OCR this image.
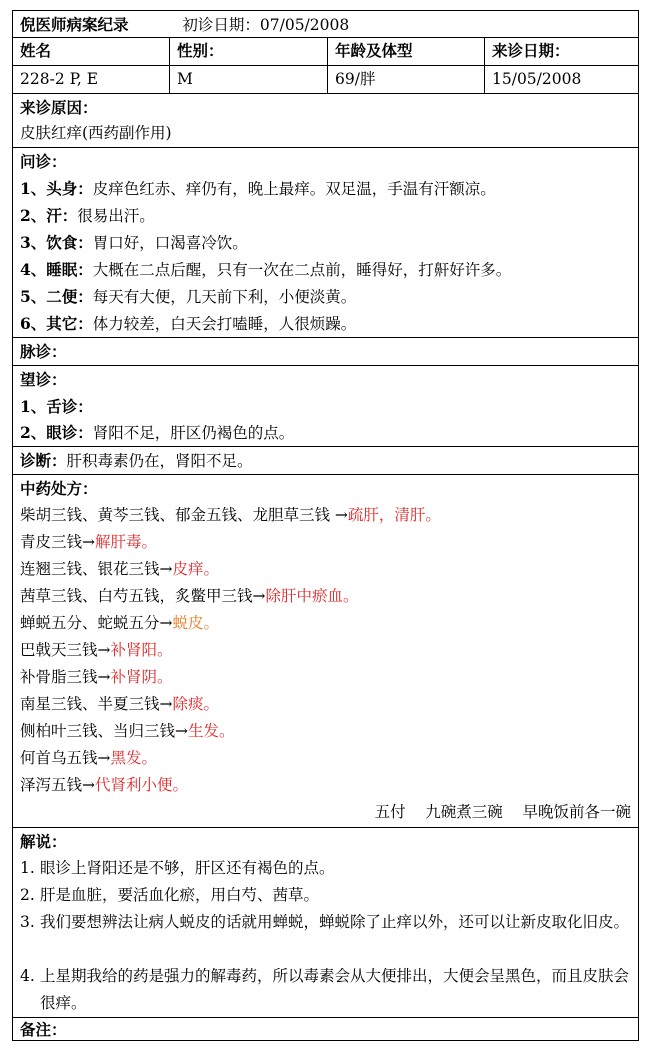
倪医师病案纪录	初诊日期：07/05/2008
姓名	性别：	年龄及体型	来诊日期：
228-2 P, E	M	69/胖	15/05/2008
来诊原因：
皮肤红痒(西药副作用)
问诊：
1、头身：皮痒色红赤、痒仍有，晚上最痒。双足温，手温有汗额凉。
2、汗：很易出汗。
3、饮食：胃口好，口渴喜冷饮。
4、睡眠：大概在二点后醒，只有一次在二点前，睡得好，打鼾好许多。
5、二便：每天有大便，几天前下利，小便淡黄。
6、其它：体力较差，白天会打嗑睡，人很烦躁。
脉诊：
望诊：
1、舌诊：
2、眼诊：肾阳不足，肝区仍褐色的点。
诊断：肝积毒素仍在，肾阳不足。
中药处方：
柴胡三钱、黄芩三钱、郁金五钱、龙胆草三钱 →疏肝，清肝。
青皮三钱→解肝毒。
连翘三钱、银花三钱→皮痒。
茜草三钱、白芍五钱，炙鳖甲三钱→除肝中瘀血。
蝉蜕五分、蛇蜕五分→蜕皮。
巴戟天三钱→补肾阳。
补骨脂三钱→补肾阴。
南星三钱、半夏三钱→除痰。
侧柏叶三钱、当归三钱→生发。
何首乌五钱→黑发。
泽泻五钱→代肾利小便。
五付    九碗煮三碗    早晚饭前各一碗
解说：
1. 眼诊上肾阳还是不够，肝区还有褐色的点。
2. 肝是血脏，要活血化瘀，用白芍、茜草。
3. 我们要想辨法让病人蜕皮的话就用蝉蜕，蝉蜕除了止痒以外，还可以让新皮取化旧皮。
4. 上星期我给的药是强力的解毒药，所以毒素会从大便排出，大便会呈黑色，而且皮肤会很痒。
备注：
